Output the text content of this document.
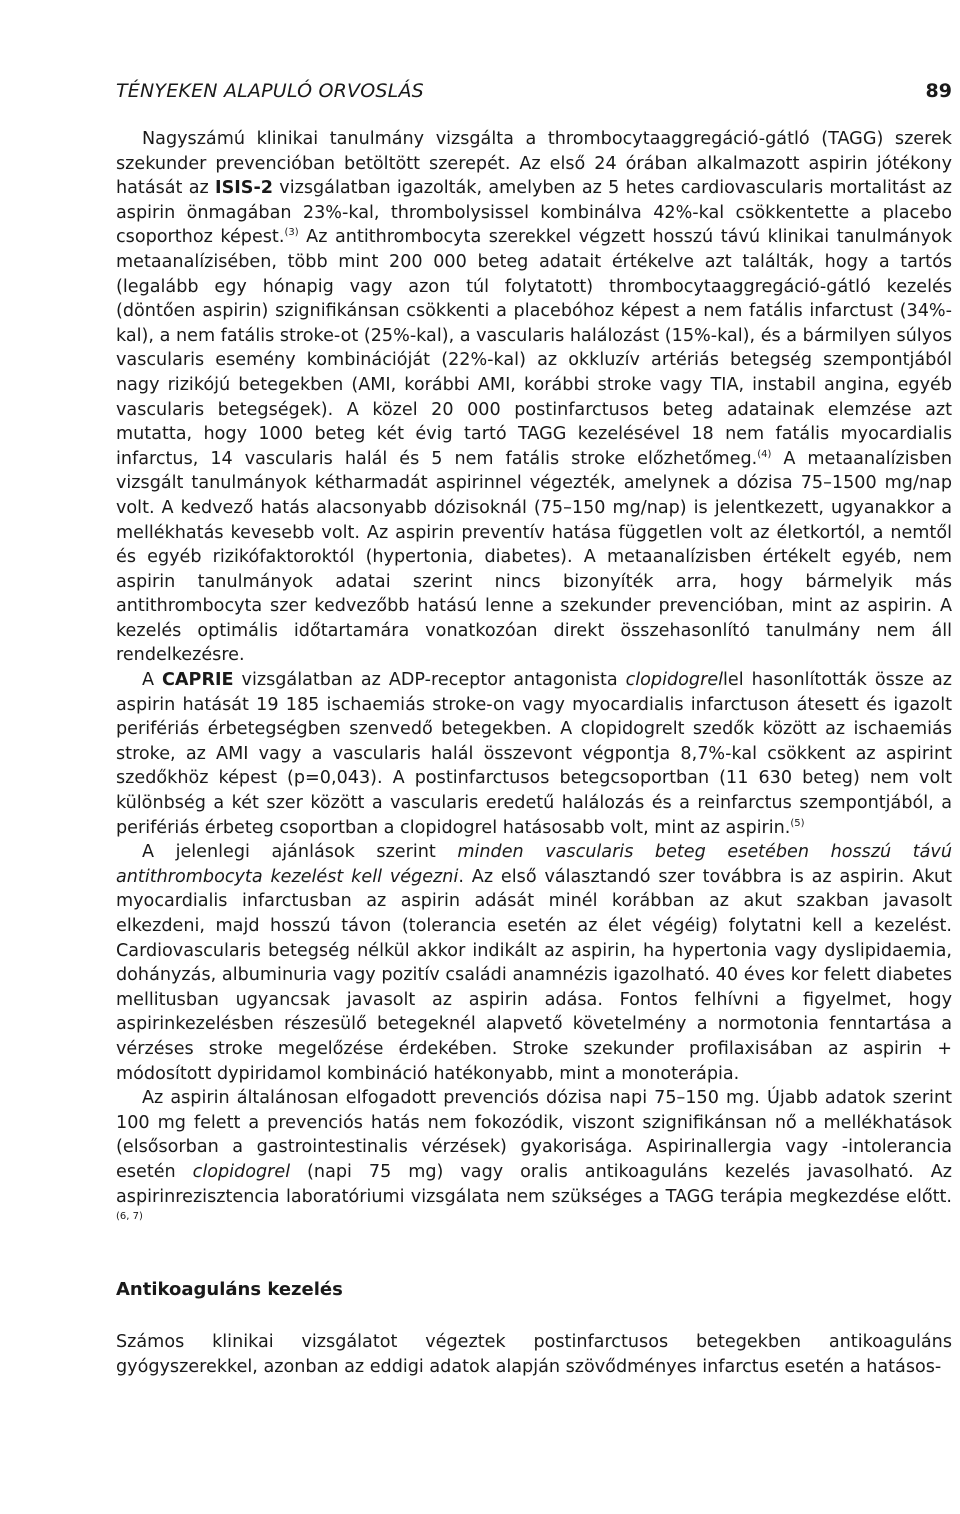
TÉNYEKEN ALAPULÓ ORVOSLÁS	89

Nagyszámú klinikai tanulmány vizsgálta a thrombocytaaggregáció-gátló (TAGG) szerek szekunder prevencióban betöltött szerepét. Az első 24 órában alkalmazott aspirin jótékony hatását az ISIS-2 vizsgálatban igazolták, amelyben az 5 hetes cardiovascularis mortalitást az aspirin önmagában 23%-kal, thrombolysissel kombinálva 42%-kal csökkentette a placebo csoporthoz képest.$^{(3)}$ Az antithrombocyta szerekkel végzett hosszú távú klinikai tanulmányok metaanalízisében, több mint 200 000 beteg adatait értékelve azt találták, hogy a tartós (legalább egy hónapig vagy azon túl folytatott) thrombocytaaggregáció-gátló kezelés (döntően aspirin) szignifikánsan csökkenti a placebóhoz képest a nem fatális infarctust (34%-kal), a nem fatális stroke-ot (25%-kal), a vascularis halálozást (15%-kal), és a bármilyen súlyos vascularis esemény kombinációját (22%-kal) az okkluzív artériás betegség szempontjából nagy rizikójú betegekben (AMI, korábbi AMI, korábbi stroke vagy TIA, instabil angina, egyéb vascularis betegségek). A közel 20 000 postinfarctusos beteg adatainak elemzése azt mutatta, hogy 1000 beteg két évig tartó TAGG kezelésével 18 nem fatális myocardialis infarctus, 14 vascularis halál és 5 nem fatális stroke előzhetőmeg.$^{(4)}$ A metaanalízisben vizsgált tanulmányok kétharmadát aspirinnel végezték, amelynek a dózisa 75–1500 mg/nap volt. A kedvező hatás alacsonyabb dózisoknál (75–150 mg/nap) is jelentkezett, ugyanakkor a mellékhatás kevesebb volt. Az aspirin preventív hatása független volt az életkortól, a nemtől és egyéb rizikófaktoroktól (hypertonia, diabetes). A metaanalízisben értékelt egyéb, nem aspirin tanulmányok adatai szerint nincs bizonyíték arra, hogy bármelyik más antithrombocyta szer kedvezőbb hatású lenne a szekunder prevencióban, mint az aspirin. A kezelés optimális időtartamára vonatkozóan direkt összehasonlító tanulmány nem áll rendelkezésre.

A CAPRIE vizsgálatban az ADP-receptor antagonista clopidogrellel hasonlították össze az aspirin hatását 19 185 ischaemiás stroke-on vagy myocardialis infarctuson átesett és igazolt perifériás érbetegségben szenvedő betegekben. A clopidogrelt szedők között az ischaemiás stroke, az AMI vagy a vascularis halál összevont végpontja 8,7%-kal csökkent az aspirint szedőkhöz képest (p=0,043). A postinfarctusos betegcsoportban (11 630 beteg) nem volt különbség a két szer között a vascularis eredetű halálozás és a reinfarctus szempontjából, a perifériás érbeteg csoportban a clopidogrel hatásosabb volt, mint az aspirin.$^{(5)}$

A jelenlegi ajánlások szerint minden vascularis beteg esetében hosszú távú antithrombocyta kezelést kell végezni. Az első választandó szer továbbra is az aspirin. Akut myocardialis infarctusban az aspirin adását minél korábban az akut szakban javasolt elkezdeni, majd hosszú távon (tolerancia esetén az élet végéig) folytatni kell a kezelést. Cardiovascularis betegség nélkül akkor indikált az aspirin, ha hypertonia vagy dyslipidaemia, dohányzás, albuminuria vagy pozitív családi anamnézis igazolható. 40 éves kor felett diabetes mellitusban ugyancsak javasolt az aspirin adása. Fontos felhívni a figyelmet, hogy aspirinkezelésben részesülő betegeknél alapvető követelmény a normotonia fenntartása a vérzéses stroke megelőzése érdekében. Stroke szekunder profilaxisában az aspirin + módosított dypiridamol kombináció hatékonyabb, mint a monoterápia.

Az aspirin általánosan elfogadott prevenciós dózisa napi 75–150 mg. Újabb adatok szerint 100 mg felett a prevenciós hatás nem fokozódik, viszont szignifikánsan nő a mellékhatások (elsősorban a gastrointestinalis vérzések) gyakorisága. Aspirinallergia vagy -intolerancia esetén clopidogrel (napi 75 mg) vagy oralis antikoaguláns kezelés javasolható. Az aspirinrezisztencia laboratóriumi vizsgálata nem szükséges a TAGG terápia megkezdése előtt.$^{(6, 7)}$

Antikoaguláns kezelés

Számos klinikai vizsgálatot végeztek postinfarctusos betegekben antikoaguláns gyógyszerekkel, azonban az eddigi adatok alapján szövődményes infarctus esetén a hatásos-
